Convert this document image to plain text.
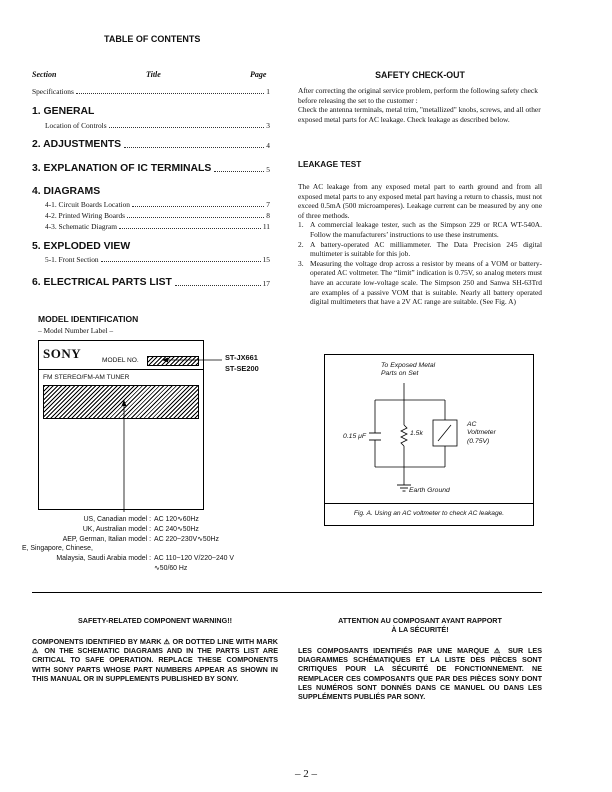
TABLE OF CONTENTS
Section	Title	Page
Specifications	1
1. GENERAL
Location of Controls	3
2. ADJUSTMENTS	4
3. EXPLANATION OF IC TERMINALS	5
4. DIAGRAMS
4-1. Circuit Boards Location	7
4-2. Printed Wiring Boards	8
4-3. Schematic Diagram	11
5. EXPLODED VIEW
5-1. Front Section	15
6. ELECTRICAL PARTS LIST	17
MODEL IDENTIFICATION
– Model Number Label –
SONY	MODEL NO.
FM STEREO/FM-AM TUNER
ST-JX661
ST-SE200
US, Canadian model : AC 120∿60Hz
UK, Australian model : AC 240∿50Hz
AEP, German, Italian model : AC 220~230V∿50Hz
E, Singapore, Chinese,
Malaysia, Saudi Arabia model : AC 110~120 V/220~240 V
∿50/60 Hz
SAFETY CHECK-OUT

After correcting the original service problem, perform the following safety check before releasing the set to the customer :

Check the antenna terminals, metal trim, "metallized" knobs, screws, and all other exposed metal parts for AC leakage. Check leakage as described below.

LEAKAGE TEST

The AC leakage from any exposed metal part to earth ground and from all exposed metal parts to any exposed metal part having a return to chassis, must not exceed 0.5mA (500 microamperes). Leakage current can be measured by any one of three methods.

1. A commercial leakage tester, such as the Simpson 229 or RCA WT-540A. Follow the manufacturers’ instructions to use these instruments.
2. A battery-operated AC milliammeter. The Data Precision 245 digital multimeter is suitable for this job.
3. Measuring the voltage drop across a resistor by means of a VOM or battery-operated AC voltmeter. The “limit” indication is 0.75V, so analog meters must have an accurate low-voltage scale. The Simpson 250 and Sanwa SH-63Trd are examples of a passive VOM that is suitable. Nearly all battery operated digital multimeters that have a 2V AC range are suitable. (See Fig. A)
To Exposed Metal
Parts on Set
0.15 μF	1.5k
AC
Voltmeter
(0.75V)
Earth Ground
Fig. A. Using an AC voltmeter to check AC leakage.
SAFETY-RELATED COMPONENT WARNING!!
COMPONENTS IDENTIFIED BY MARK ⚠ OR DOTTED LINE WITH MARK ⚠ ON THE SCHEMATIC DIAGRAMS AND IN THE PARTS LIST ARE CRITICAL TO SAFE OPERATION. REPLACE THESE COMPONENTS WITH SONY PARTS WHOSE PART NUMBERS APPEAR AS SHOWN IN THIS MANUAL OR IN SUPPLEMENTS PUBLISHED BY SONY.
ATTENTION AU COMPOSANT AYANT RAPPORT
À LA SÉCURITÉ!
LES COMPOSANTS IDENTIFIÉS PAR UNE MARQUE ⚠ SUR LES DIAGRAMMES SCHÉMATIQUES ET LA LISTE DES PIÈCES SONT CRITIQUES POUR LA SÉCURITÉ DE FONCTIONNEMENT. NE REMPLACER CES COMPOSANTS QUE PAR DES PIÈCES SONY DONT LES NUMÉROS SONT DONNÉS DANS CE MANUEL OU DANS LES SUPPLÉMENTS PUBLIÉS PAR SONY.
– 2 –
